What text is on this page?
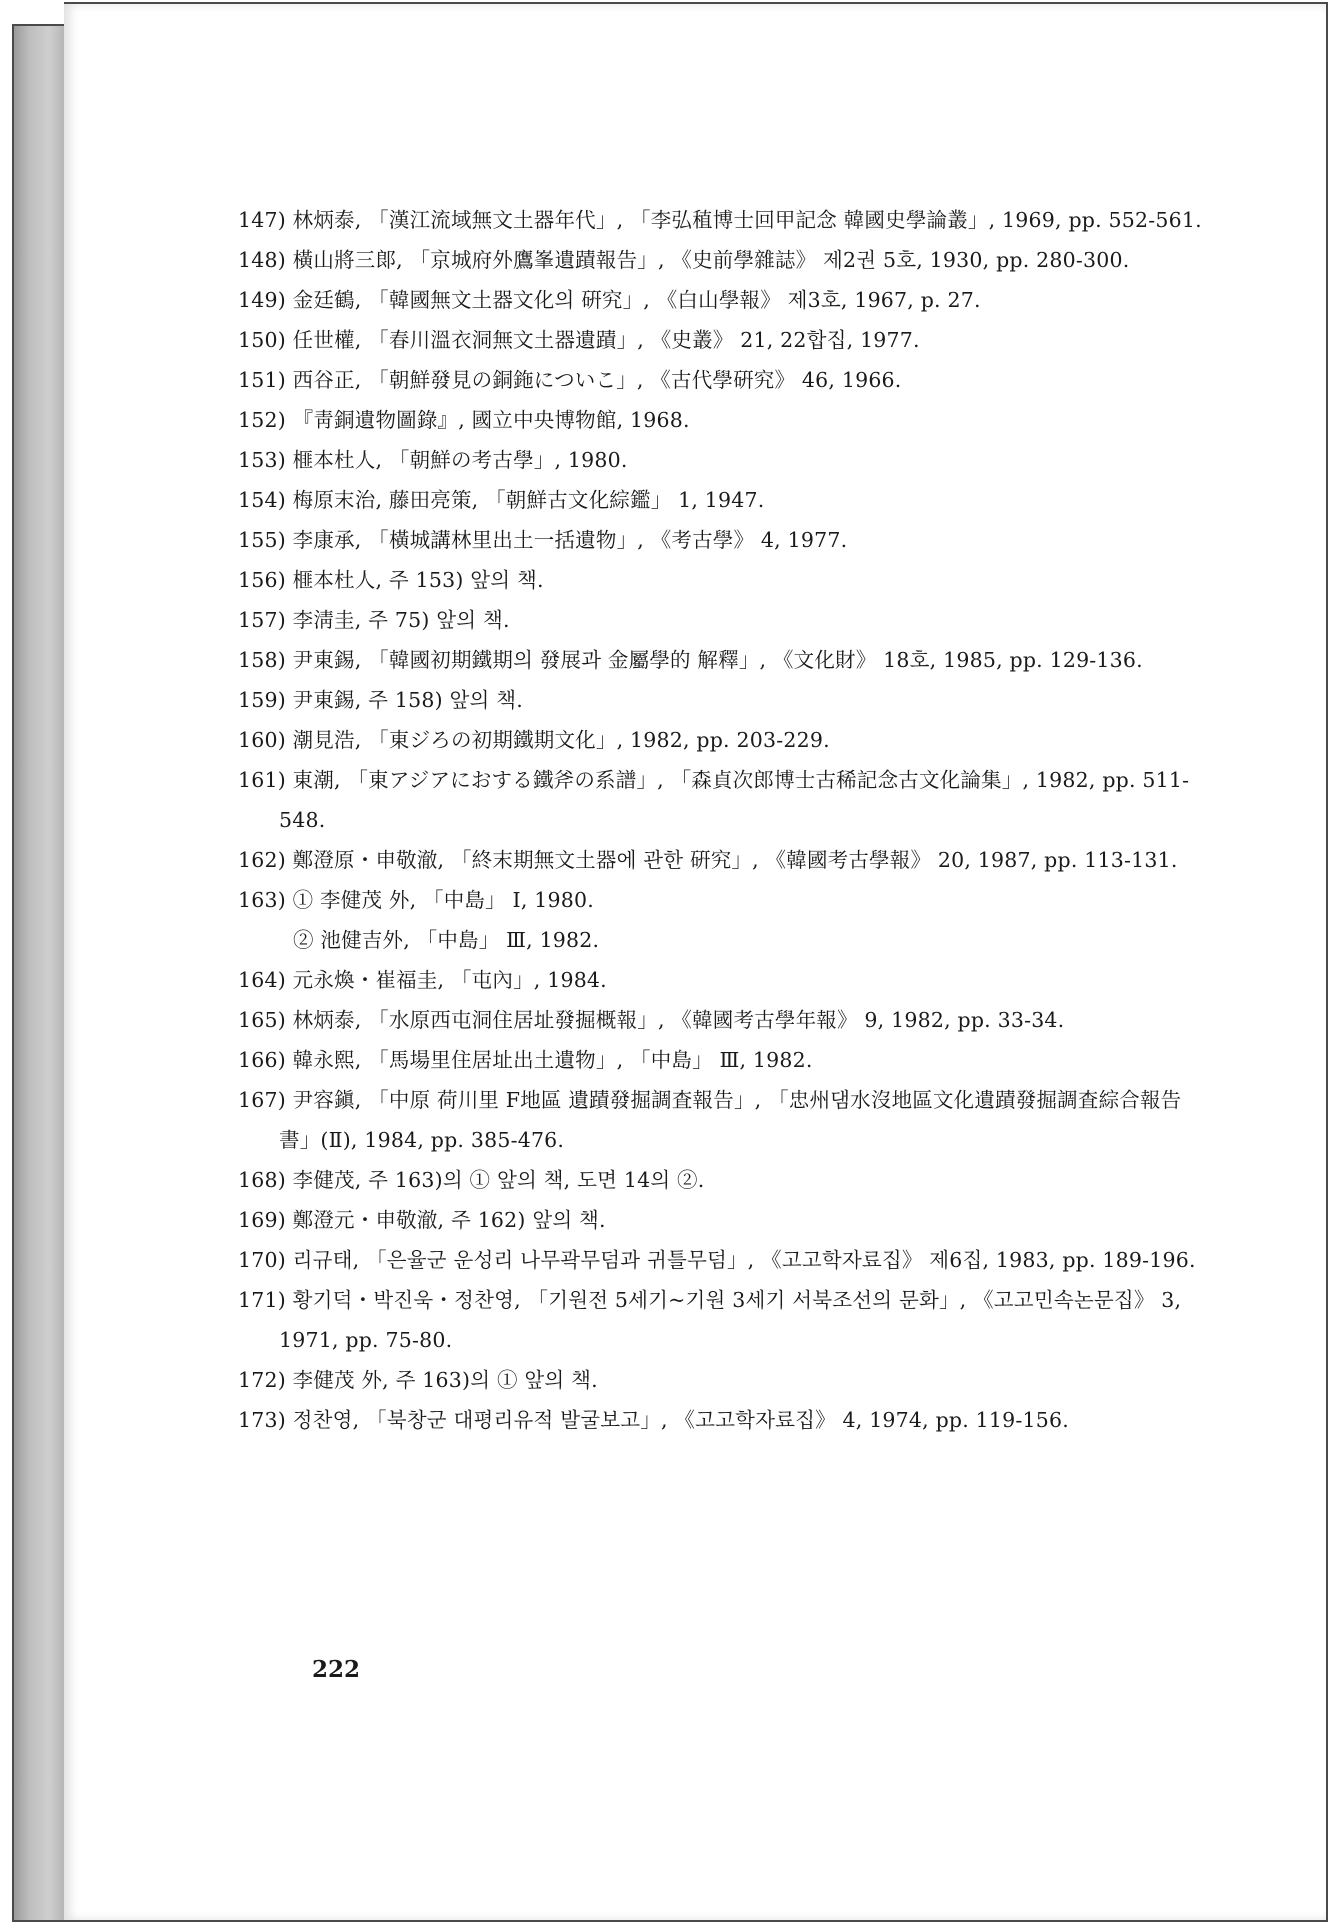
147) 林炳泰, 「漢江流域無文土器年代」, 「李弘稙博士回甲記念 韓國史學論叢」, 1969, pp. 552-561.
148) 橫山將三郞, 「京城府外鷹峯遺蹟報告」, 《史前學雜誌》 제2권 5호, 1930, pp. 280-300.
149) 金廷鶴, 「韓國無文土器文化의 硏究」, 《白山學報》 제3호, 1967, p. 27.
150) 任世權, 「春川溫衣洞無文土器遺蹟」, 《史叢》 21, 22합집, 1977.
151) 西谷正, 「朝鮮發見の銅鉇についこ」, 《古代學硏究》 46, 1966.
152) 『靑銅遺物圖錄』, 國立中央博物館, 1968.
153) 榧本杜人, 「朝鮮の考古學」, 1980.
154) 梅原末治, 藤田亮策, 「朝鮮古文化綜鑑」 1, 1947.
155) 李康承, 「橫城講林里出土一括遺物」, 《考古學》 4, 1977.
156) 榧本杜人, 주 153) 앞의 책.
157) 李淸圭, 주 75) 앞의 책.
158) 尹東錫, 「韓國初期鐵期의 發展과 金屬學的 解釋」, 《文化財》 18호, 1985, pp. 129-136.
159) 尹東錫, 주 158) 앞의 책.
160) 潮見浩, 「東ジろの初期鐵期文化」, 1982, pp. 203-229.
161) 東潮, 「東アジアにおする鐵斧の系譜」, 「森貞次郎博士古稀記念古文化論集」, 1982, pp. 511-548.
162) 鄭澄原・申敬澈, 「終末期無文土器에 관한 硏究」, 《韓國考古學報》 20, 1987, pp. 113-131.
163) ① 李健茂 外, 「中島」 Ⅰ, 1980.
② 池健吉外, 「中島」 Ⅲ, 1982.
164) 元永煥・崔福圭, 「屯內」, 1984.
165) 林炳泰, 「水原西屯洞住居址發掘概報」, 《韓國考古學年報》 9, 1982, pp. 33-34.
166) 韓永熙, 「馬場里住居址出土遺物」, 「中島」 Ⅲ, 1982.
167) 尹容鎭, 「中原 荷川里 F地區 遺蹟發掘調査報告」, 「忠州댐水沒地區文化遺蹟發掘調査綜合報告書」(Ⅱ), 1984, pp. 385-476.
168) 李健茂, 주 163)의 ① 앞의 책, 도면 14의 ②.
169) 鄭澄元・申敬澈, 주 162) 앞의 책.
170) 리규태, 「은율군 운성리 나무곽무덤과 귀틀무덤」, 《고고학자료집》 제6집, 1983, pp. 189-196.
171) 황기덕・박진욱・정찬영, 「기원전 5세기~기원 3세기 서북조선의 문화」, 《고고민속논문집》 3, 1971, pp. 75-80.
172) 李健茂 外, 주 163)의 ① 앞의 책.
173) 정찬영, 「북창군 대평리유적 발굴보고」, 《고고학자료집》 4, 1974, pp. 119-156.
222
